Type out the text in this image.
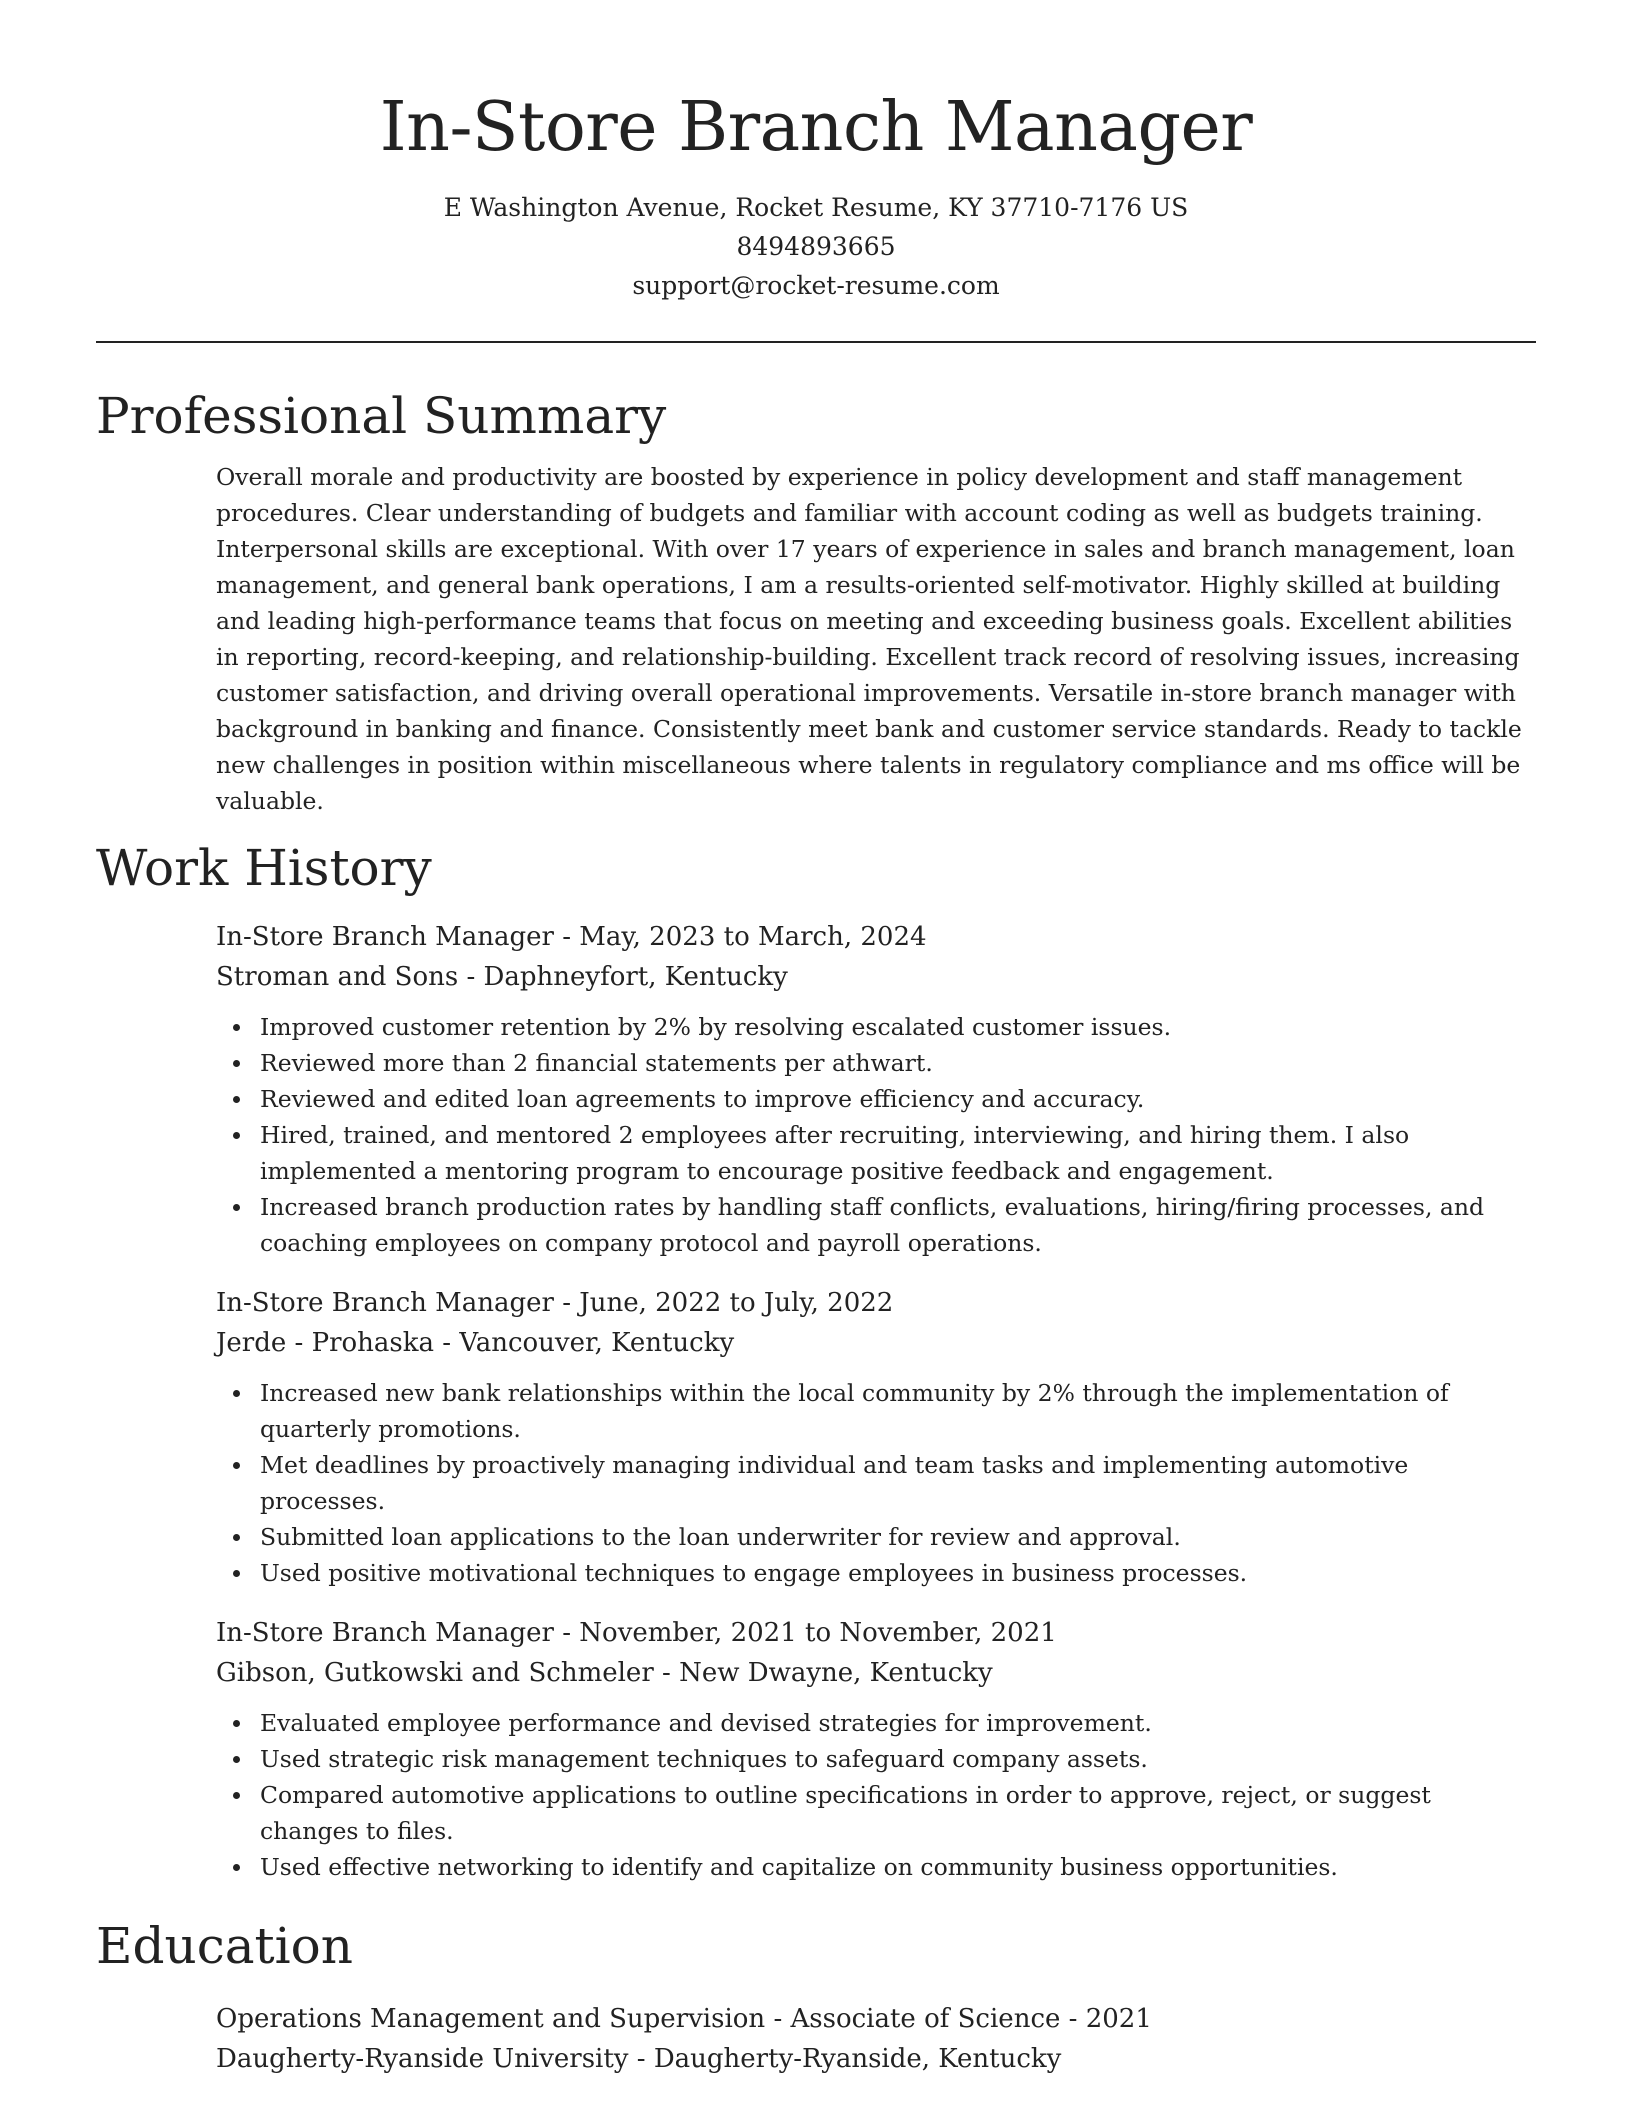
In-Store Branch Manager
E Washington Avenue, Rocket Resume, KY 37710-7176 US
8494893665
support@rocket-resume.com
Professional Summary

Overall morale and productivity are boosted by experience in policy development and staff management procedures. Clear understanding of budgets and familiar with account coding as well as budgets training. Interpersonal skills are exceptional. With over 17 years of experience in sales and branch management, loan management, and general bank operations, I am a results-oriented self-motivator. Highly skilled at building and leading high-performance teams that focus on meeting and exceeding business goals. Excellent abilities in reporting, record-keeping, and relationship-building. Excellent track record of resolving issues, increasing customer satisfaction, and driving overall operational improvements. Versatile in-store branch manager with background in banking and finance. Consistently meet bank and customer service standards. Ready to tackle new challenges in position within miscellaneous where talents in regulatory compliance and ms office will be valuable.

Work History
In-Store Branch Manager - May, 2023 to March, 2024
Stroman and Sons - Daphneyfort, Kentucky
Improved customer retention by 2% by resolving escalated customer issues.
Reviewed more than 2 financial statements per athwart.
Reviewed and edited loan agreements to improve efficiency and accuracy.
Hired, trained, and mentored 2 employees after recruiting, interviewing, and hiring them. I also implemented a mentoring program to encourage positive feedback and engagement.
Increased branch production rates by handling staff conflicts, evaluations, hiring/firing processes, and coaching employees on company protocol and payroll operations.
In-Store Branch Manager - June, 2022 to July, 2022
Jerde - Prohaska - Vancouver, Kentucky
Increased new bank relationships within the local community by 2% through the implementation of quarterly promotions.
Met deadlines by proactively managing individual and team tasks and implementing automotive processes.
Submitted loan applications to the loan underwriter for review and approval.
Used positive motivational techniques to engage employees in business processes.
In-Store Branch Manager - November, 2021 to November, 2021
Gibson, Gutkowski and Schmeler - New Dwayne, Kentucky
Evaluated employee performance and devised strategies for improvement.
Used strategic risk management techniques to safeguard company assets.
Compared automotive applications to outline specifications in order to approve, reject, or suggest changes to files.
Used effective networking to identify and capitalize on community business opportunities.
Education
Operations Management and Supervision - Associate of Science - 2021
Daugherty-Ryanside University - Daugherty-Ryanside, Kentucky
